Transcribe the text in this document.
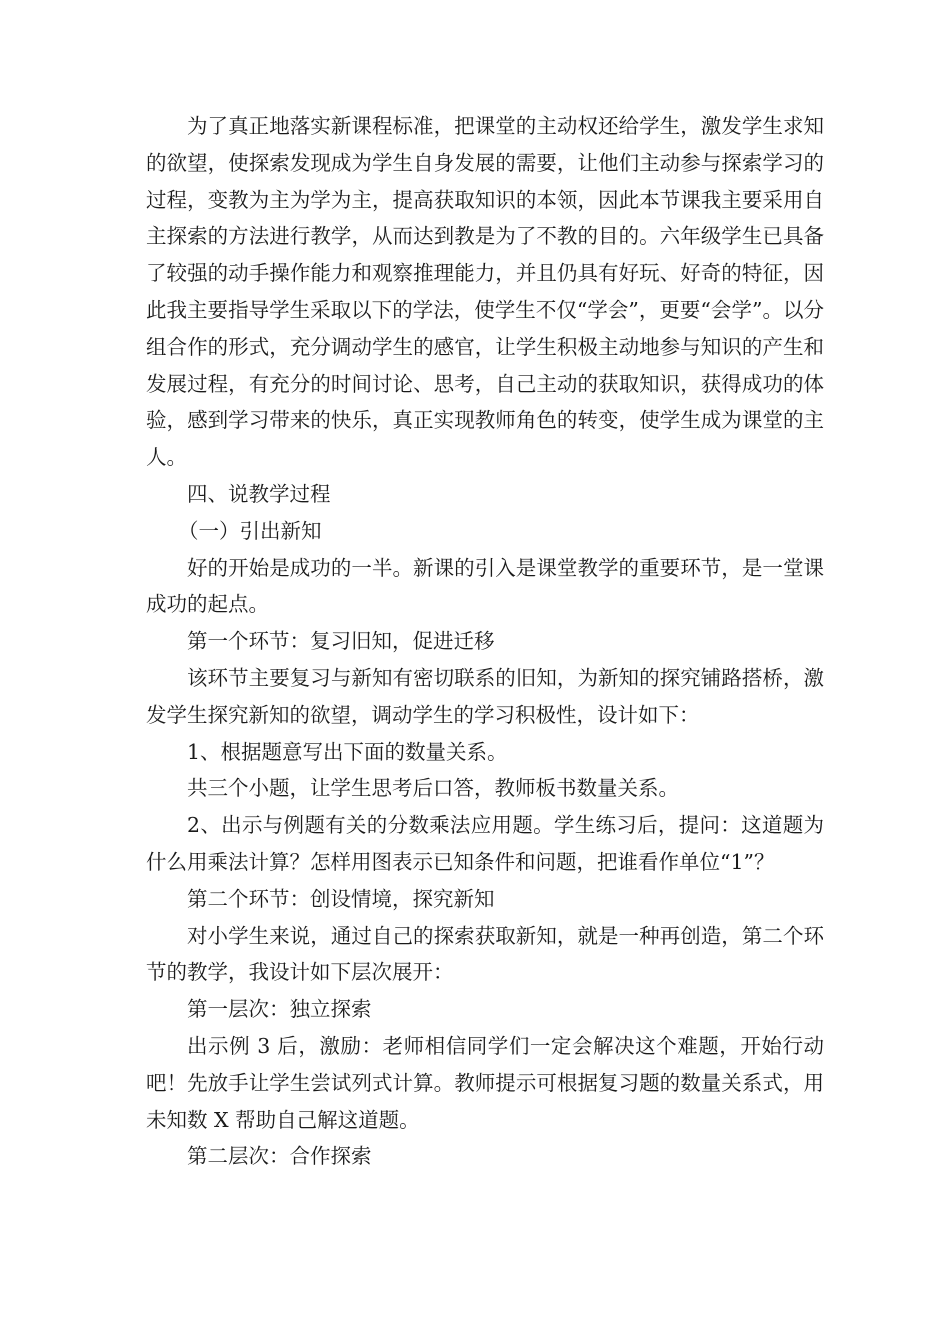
为了真正地落实新课程标准，把课堂的主动权还给学生，激发学生求知的欲望，使探索发现成为学生自身发展的需要，让他们主动参与探索学习的过程，变教为主为学为主，提高获取知识的本领，因此本节课我主要采用自主探索的方法进行教学，从而达到教是为了不教的目的。六年级学生已具备了较强的动手操作能力和观察推理能力，并且仍具有好玩、好奇的特征，因此我主要指导学生采取以下的学法，使学生不仅“学会”，更要“会学”。以分组合作的形式，充分调动学生的感官，让学生积极主动地参与知识的产生和发展过程，有充分的时间讨论、思考，自己主动的获取知识，获得成功的体验，感到学习带来的快乐，真正实现教师角色的转变，使学生成为课堂的主人。

四、说教学过程

（一）引出新知

好的开始是成功的一半。新课的引入是课堂教学的重要环节，是一堂课成功的起点。

第一个环节：复习旧知，促进迁移

该环节主要复习与新知有密切联系的旧知，为新知的探究铺路搭桥，激发学生探究新知的欲望，调动学生的学习积极性，设计如下：

1、根据题意写出下面的数量关系。

共三个小题，让学生思考后口答，教师板书数量关系。

2、出示与例题有关的分数乘法应用题。学生练习后，提问：这道题为什么用乘法计算？怎样用图表示已知条件和问题，把谁看作单位“1”？

第二个环节：创设情境，探究新知

对小学生来说，通过自己的探索获取新知，就是一种再创造，第二个环节的教学，我设计如下层次展开：

第一层次：独立探索

出示例 3 后，激励：老师相信同学们一定会解决这个难题，开始行动吧！先放手让学生尝试列式计算。教师提示可根据复习题的数量关系式，用未知数 X 帮助自己解这道题。

第二层次：合作探索
